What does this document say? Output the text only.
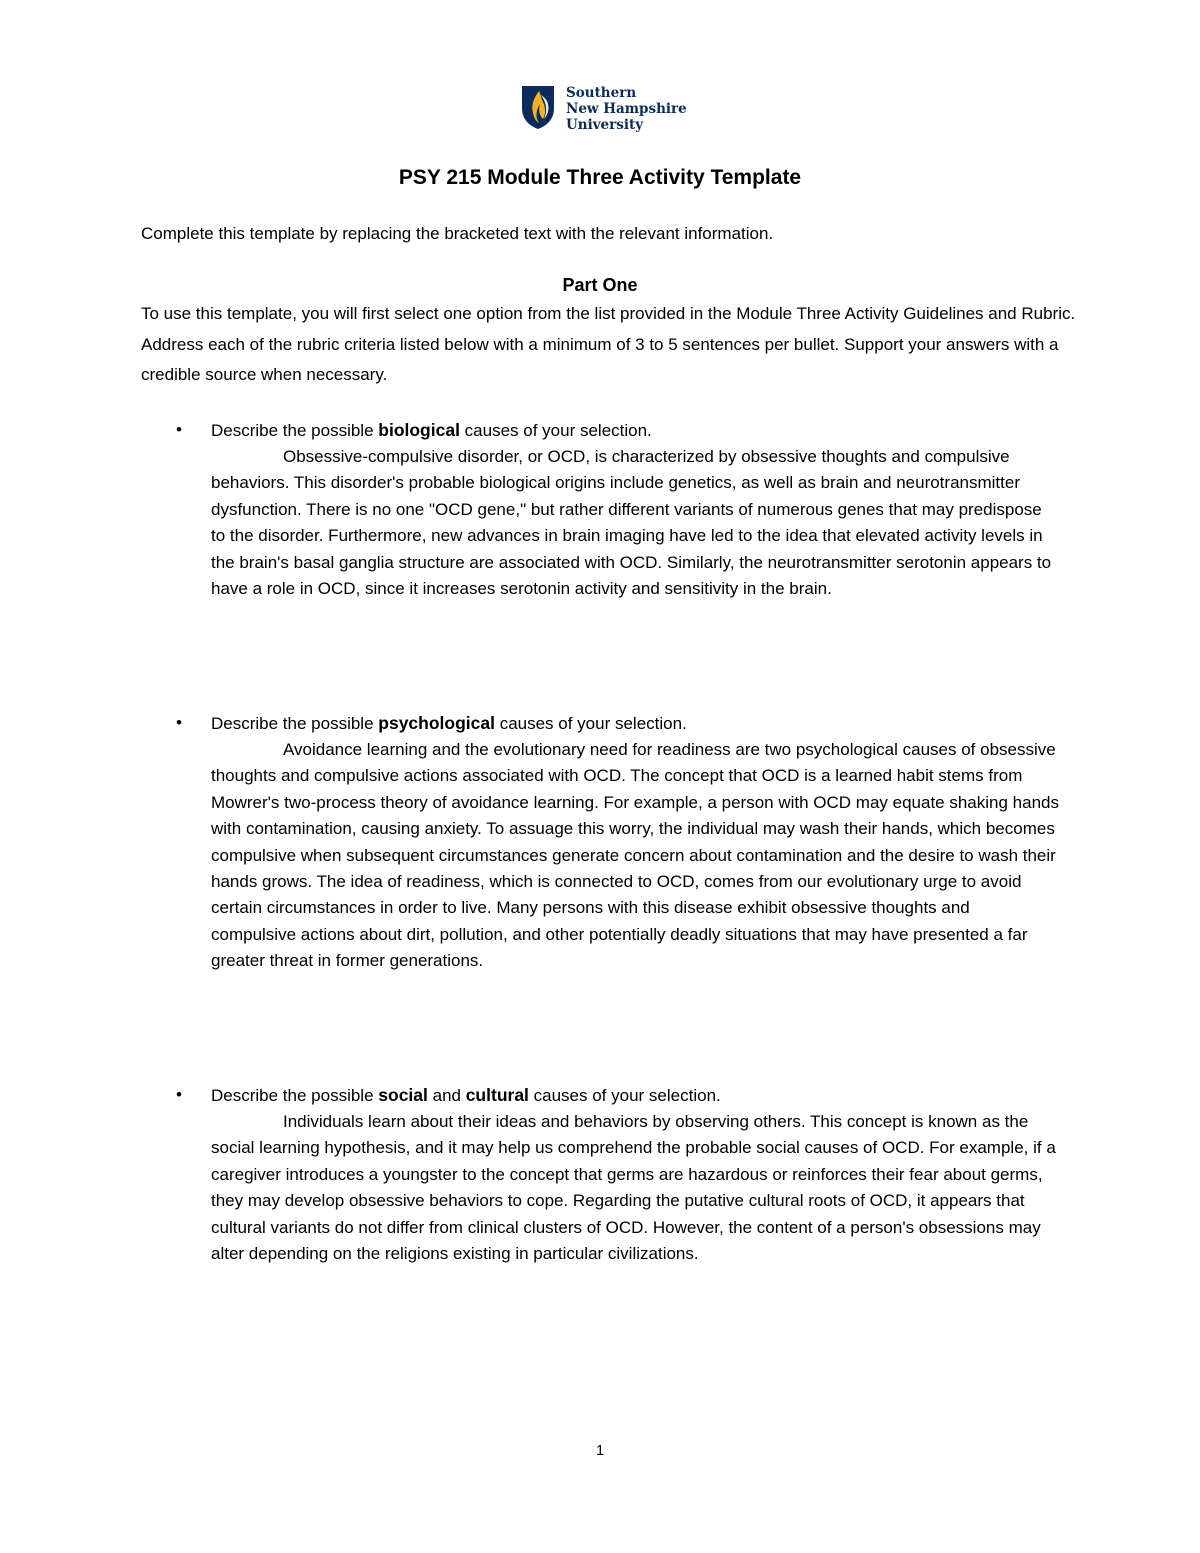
Southern
New Hampshire
University
PSY 215 Module Three Activity Template
Complete this template by replacing the bracketed text with the relevant information.
Part One
To use this template, you will first select one option from the list provided in the Module Three Activity Guidelines and Rubric. Address each of the rubric criteria listed below with a minimum of 3 to 5 sentences per bullet. Support your answers with a credible source when necessary.
• Describe the possible biological causes of your selection.
Obsessive-compulsive disorder, or OCD, is characterized by obsessive thoughts and compulsive behaviors. This disorder's probable biological origins include genetics, as well as brain and neurotransmitter dysfunction. There is no one "OCD gene," but rather different variants of numerous genes that may predispose to the disorder. Furthermore, new advances in brain imaging have led to the idea that elevated activity levels in the brain's basal ganglia structure are associated with OCD. Similarly, the neurotransmitter serotonin appears to have a role in OCD, since it increases serotonin activity and sensitivity in the brain.
• Describe the possible psychological causes of your selection.
Avoidance learning and the evolutionary need for readiness are two psychological causes of obsessive thoughts and compulsive actions associated with OCD. The concept that OCD is a learned habit stems from Mowrer's two-process theory of avoidance learning. For example, a person with OCD may equate shaking hands with contamination, causing anxiety. To assuage this worry, the individual may wash their hands, which becomes compulsive when subsequent circumstances generate concern about contamination and the desire to wash their hands grows. The idea of readiness, which is connected to OCD, comes from our evolutionary urge to avoid certain circumstances in order to live. Many persons with this disease exhibit obsessive thoughts and compulsive actions about dirt, pollution, and other potentially deadly situations that may have presented a far greater threat in former generations.
• Describe the possible social and cultural causes of your selection.
Individuals learn about their ideas and behaviors by observing others. This concept is known as the social learning hypothesis, and it may help us comprehend the probable social causes of OCD. For example, if a caregiver introduces a youngster to the concept that germs are hazardous or reinforces their fear about germs, they may develop obsessive behaviors to cope. Regarding the putative cultural roots of OCD, it appears that cultural variants do not differ from clinical clusters of OCD. However, the content of a person's obsessions may alter depending on the religions existing in particular civilizations.
1
